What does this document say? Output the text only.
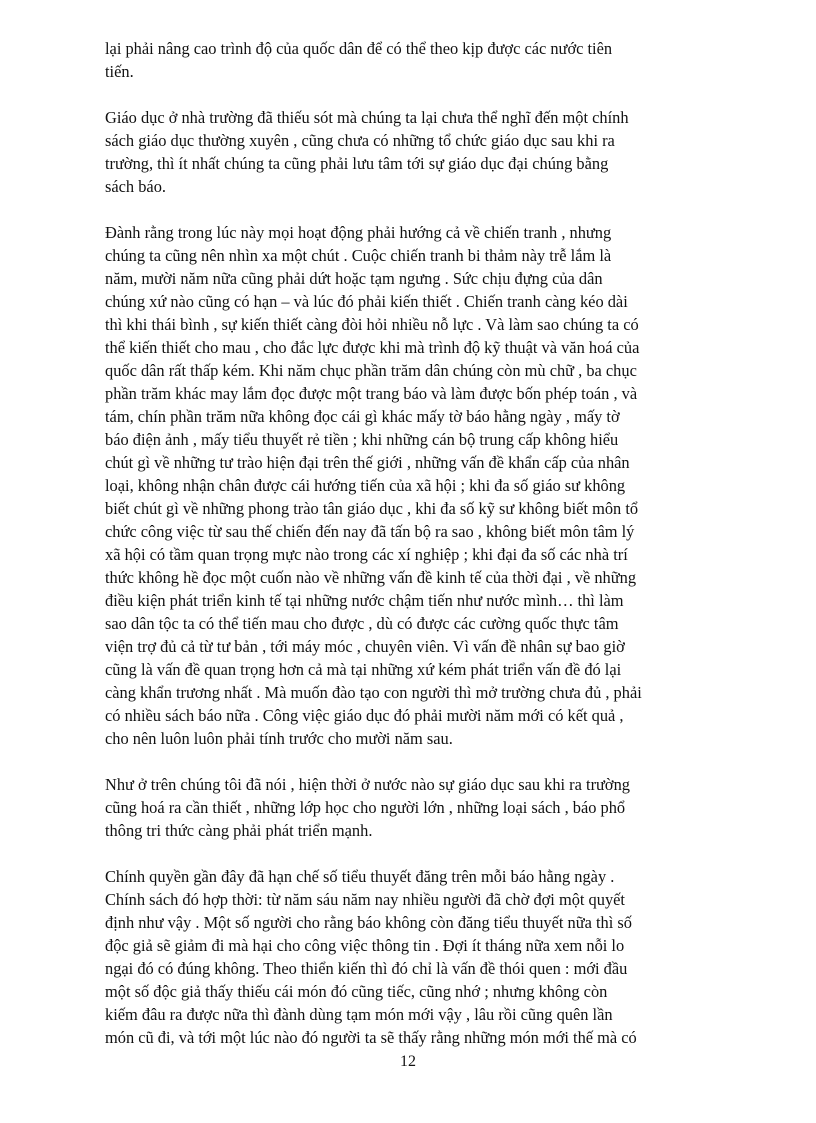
lại phải nâng cao trình độ của quốc dân để có thể theo kịp được các nước tiên
tiến.

Giáo dục ở nhà trường đã thiếu sót mà chúng ta lại chưa thể nghĩ đến một chính
sách giáo dục thường xuyên , cũng chưa có những tổ chức giáo dục sau khi ra
trường, thì ít nhất chúng ta cũng phải lưu tâm tới sự giáo dục đại chúng bằng
sách báo.

Đành rằng trong lúc này mọi hoạt động phải hướng cả về chiến tranh , nhưng
chúng ta cũng nên nhìn xa một chút . Cuộc chiến tranh bi thảm này trễ lắm là
năm, mười năm nữa cũng phải dứt hoặc tạm ngưng . Sức chịu đựng của dân
chúng xứ nào cũng có hạn – và lúc đó phải kiến thiết . Chiến tranh càng kéo dài
thì khi thái bình , sự kiến thiết càng đòi hỏi nhiều nỗ lực . Và làm sao chúng ta có
thể kiến thiết cho mau , cho đắc lực được khi mà trình độ kỹ thuật và văn hoá của
quốc dân rất thấp kém. Khi năm chục phần trăm dân chúng còn mù chữ , ba chục
phần trăm khác may lắm đọc được một trang báo và làm được bốn phép toán , và
tám, chín phần trăm nữa không đọc cái gì khác mấy tờ báo hằng ngày , mấy tờ
báo điện ảnh , mấy tiểu thuyết rẻ tiền ; khi những cán bộ trung cấp không hiểu
chút gì về những tư trào hiện đại trên thế giới , những vấn đề khẩn cấp của nhân
loại, không nhận chân được cái hướng tiến của xã hội ; khi đa số giáo sư không
biết chút gì về những phong trào tân giáo dục , khi đa số kỹ sư không biết môn tổ
chức công việc từ sau thế chiến đến nay đã tấn bộ ra sao , không biết môn tâm lý
xã hội có tầm quan trọng mực nào trong các xí nghiệp ; khi đại đa số các nhà trí
thức không hề đọc một cuốn nào về những vấn đề kinh tế của thời đại , về những
điều kiện phát triển kinh tế tại những nước chậm tiến như nước mình… thì làm
sao dân tộc ta có thể tiến mau cho được , dù có được các cường quốc thực tâm
viện trợ đủ cả từ tư bản , tới máy móc , chuyên viên. Vì vấn đề nhân sự bao giờ
cũng là vấn đề quan trọng hơn cả mà tại những xứ kém phát triển vấn đề đó lại
càng khẩn trương nhất . Mà muốn đào tạo con người thì mở trường chưa đủ , phải
có nhiều sách báo nữa . Công việc giáo dục đó phải mười năm mới có kết quả ,
cho nên luôn luôn phải tính trước cho mười năm sau.

Như ở trên chúng tôi đã nói , hiện thời ở nước nào sự giáo dục sau khi ra trường
cũng hoá ra cần thiết , những lớp học cho người lớn , những loại sách , báo phổ
thông tri thức càng phải phát triển mạnh.

Chính quyền gần đây đã hạn chế số tiểu thuyết đăng trên mỗi báo hằng ngày .
Chính sách đó hợp thời: từ năm sáu năm nay nhiều người đã chờ đợi một quyết
định như vậy . Một số người cho rằng báo không còn đăng tiểu thuyết nữa thì số
độc giả sẽ giảm đi mà hại cho công việc thông tin . Đợi ít tháng nữa xem nỗi lo
ngại đó có đúng không. Theo thiển kiến thì đó chỉ là vấn đề thói quen : mới đầu
một số độc giả thấy thiếu cái món đó cũng tiếc, cũng nhớ ; nhưng không còn
kiếm đâu ra được nữa thì đành dùng tạm món mới vậy , lâu rồi cũng quên lần
món cũ đi, và tới một lúc nào đó người ta sẽ thấy rằng những món mới thế mà có

12
